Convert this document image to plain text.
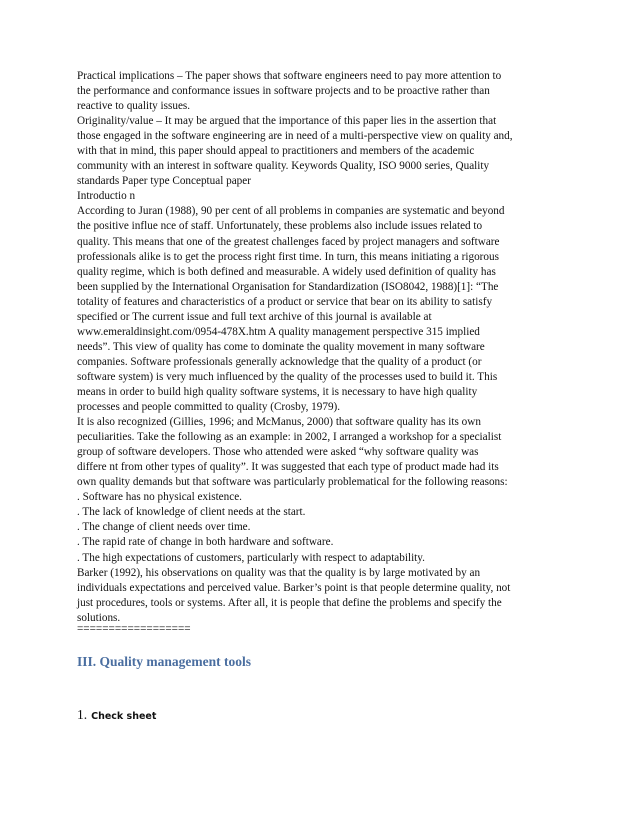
Practical implications – The paper shows that software engineers need to pay more attention to
the performance and conformance issues in software projects and to be proactive rather than
reactive to quality issues.
Originality/value – It may be argued that the importance of this paper lies in the assertion that
those engaged in the software engineering are in need of a multi-perspective view on quality and,
with that in mind, this paper should appeal to practitioners and members of the academic
community with an interest in software quality. Keywords Quality, ISO 9000 series, Quality
standards Paper type Conceptual paper
Introductio n
According to Juran (1988), 90 per cent of all problems in companies are systematic and beyond
the positive influe nce of staff. Unfortunately, these problems also include issues related to
quality. This means that one of the greatest challenges faced by project managers and software
professionals alike is to get the process right first time. In turn, this means initiating a rigorous
quality regime, which is both defined and measurable. A widely used definition of quality has
been supplied by the International Organisation for Standardization (ISO8042, 1988)[1]: “The
totality of features and characteristics of a product or service that bear on its ability to satisfy
specified or The current issue and full text archive of this journal is available at
www.emeraldinsight.com/0954-478X.htm A quality management perspective 315 implied
needs”. This view of quality has come to dominate the quality movement in many software
companies. Software professionals generally acknowledge that the quality of a product (or
software system) is very much influenced by the quality of the processes used to build it. This
means in order to build high quality software systems, it is necessary to have high quality
processes and people committed to quality (Crosby, 1979).
It is also recognized (Gillies, 1996; and McManus, 2000) that software quality has its own
peculiarities. Take the following as an example: in 2002, I arranged a workshop for a specialist
group of software developers. Those who attended were asked “why software quality was
differe nt from other types of quality”. It was suggested that each type of product made had its
own quality demands but that software was particularly problematical for the following reasons:
. Software has no physical existence.
. The lack of knowledge of client needs at the start.
. The change of client needs over time.
. The rapid rate of change in both hardware and software.
. The high expectations of customers, particularly with respect to adaptability.
Barker (1992), his observations on quality was that the quality is by large motivated by an
individuals expectations and perceived value. Barker’s point is that people determine quality, not
just procedures, tools or systems. After all, it is people that define the problems and specify the
solutions.
==================
III. Quality management tools
1. Check sheet
